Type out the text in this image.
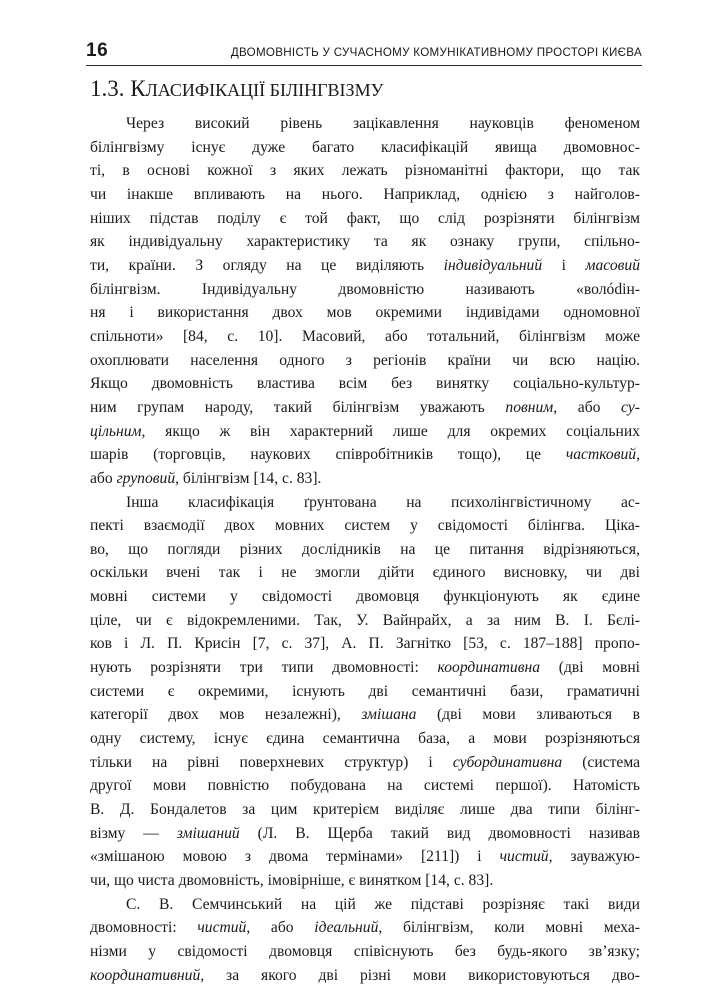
16	ДВОМОВНІСТЬ У СУЧАСНОМУ КОМУНІКАТИВНОМУ ПРОСТОРІ КИЄВА
1.3. КЛАСИФІКАЦІЇ БІЛІНГВІЗМУ
Через високий рівень зацікавлення науковців феноменом
білінгвізму існує дуже багато класифікацій явища двомовнос-
ті, в основі кожної з яких лежать різноманітні фактори, що так
чи інакше впливають на нього. Наприклад, однією з найголов-
ніших підстав поділу є той факт, що слід розрізняти білінгвізм
як індивідуальну характеристику та як ознаку групи, спільно-
ти, країни. З огляду на це виділяють індивідуальний і масовий
білінгвізм. Індивідуальну двомовністю називають «волódін-
ня і використання двох мов окремими індивідами одномовної
спільноти» [84, с. 10]. Масовий, або тотальний, білінгвізм може
охоплювати населення одного з регіонів країни чи всю націю.
Якщо двомовність властива всім без винятку соціально-культур-
ним групам народу, такий білінгвізм уважають повним, або су-
цільним, якщо ж він характерний лише для окремих соціальних
шарів (торговців, наукових співробітників тощо), це частковий,
або груповий, білінгвізм [14, с. 83].
Інша класифікація ґрунтована на психолінгвістичному ас-
пекті взаємодії двох мовних систем у свідомості білінгва. Ціка-
во, що погляди різних дослідників на це питання відрізняються,
оскільки вчені так і не змогли дійти єдиного висновку, чи дві
мовні системи у свідомості двомовця функціонують як єдине
ціле, чи є відокремленими. Так, У. Вайнрайх, а за ним В. І. Бєлі-
ков і Л. П. Крисін [7, с. 37], А. П. Загнітко [53, с. 187–188] пропо-
нують розрізняти три типи двомовності: координативна (дві мовні
системи є окремими, існують дві семантичні бази, граматичні
категорії двох мов незалежні), змішана (дві мови зливаються в
одну систему, існує єдина семантична база, а мови розрізняються
тільки на рівні поверхневих структур) і субординативна (система
другої мови повністю побудована на системі першої). Натомість
В. Д. Бондалетов за цим критерієм виділяє лише два типи білінг-
візму — змішаний (Л. В. Щерба такий вид двомовності називав
«змішаною мовою з двома термінами» [211]) і чистий, зауважую-
чи, що чиста двомовність, імовірніше, є винятком [14, с. 83].
С. В. Семчинський на цій же підставі розрізняє такі види
двомовності: чистий, або ідеальний, білінгвізм, коли мовні меха-
нізми у свідомості двомовця співіснують без будь-якого зв’язку;
координативний, за якого дві різні мови використовуються дво-
